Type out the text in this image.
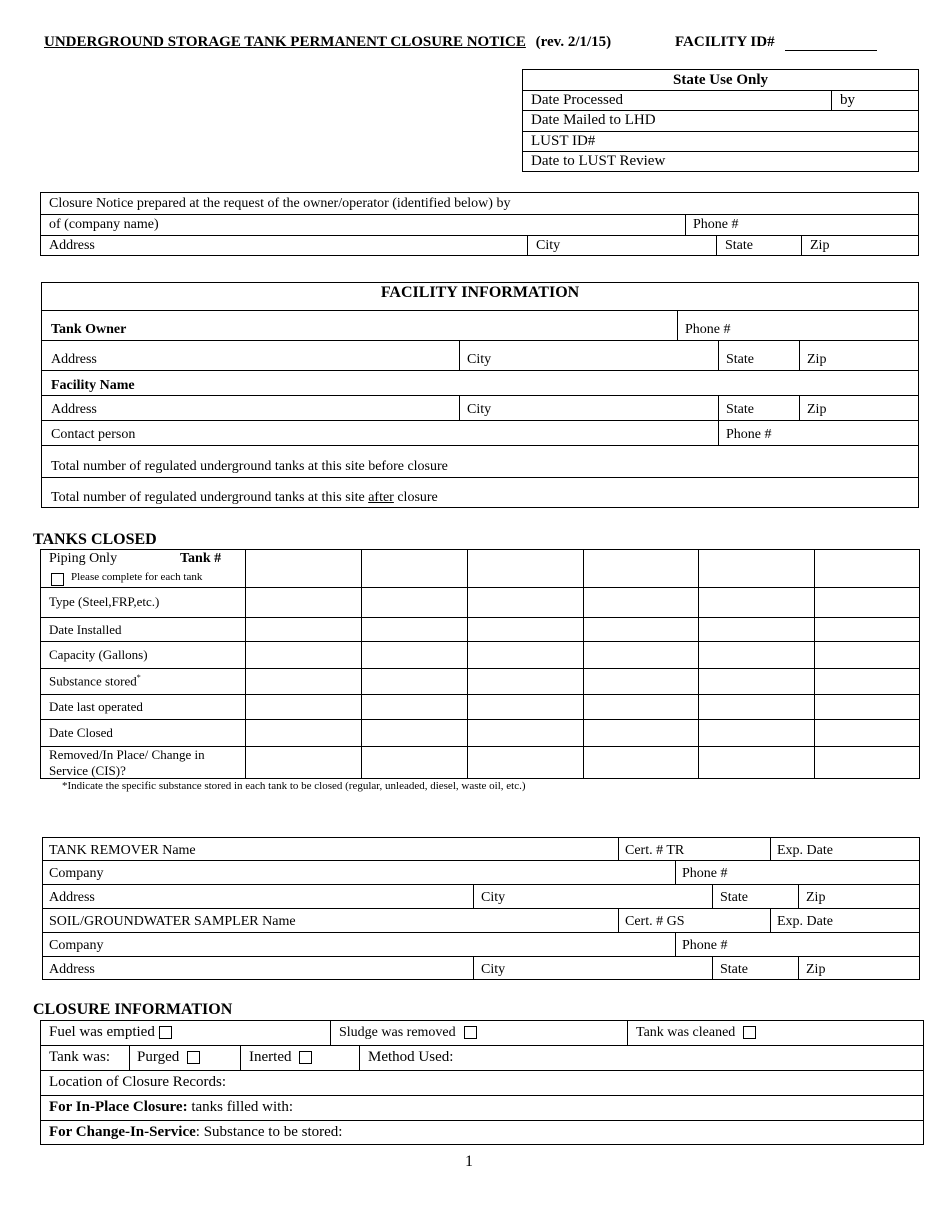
UNDERGROUND STORAGE TANK PERMANENT CLOSURE NOTICE (rev. 2/1/15)	FACILITY ID#
State Use Only
Date Processed	by
Date Mailed to LHD
LUST ID#
Date to LUST Review
Closure Notice prepared at the request of the owner/operator (identified below) by
of (company name)	Phone #
Address	City	State	Zip
FACILITY INFORMATION
Tank Owner	Phone #
Address	City	State	Zip
Facility Name
Address	City	State	Zip
Contact person	Phone #
Total number of regulated underground tanks at this site before closure
Total number of regulated underground tanks at this site after closure
TANKS CLOSED
Piping Only	Tank #
Please complete for each tank
Type (Steel,FRP,etc.)
Date Installed
Capacity (Gallons)
Substance stored*
Date last operated
Date Closed
Removed/In Place/ Change in
Service (CIS)?
*Indicate the specific substance stored in each tank to be closed (regular, unleaded, diesel, waste oil, etc.)
TANK REMOVER Name	Cert. # TR	Exp. Date
Company	Phone #
Address	City	State	Zip
SOIL/GROUNDWATER SAMPLER Name	Cert. # GS	Exp. Date
Company	Phone #
Address	City	State	Zip
CLOSURE INFORMATION
Fuel was emptied	Sludge was removed	Tank was cleaned
Tank was: Purged	Inerted	Method Used:
Location of Closure Records:
For In-Place Closure: tanks filled with:
For Change-In-Service: Substance to be stored:
1
